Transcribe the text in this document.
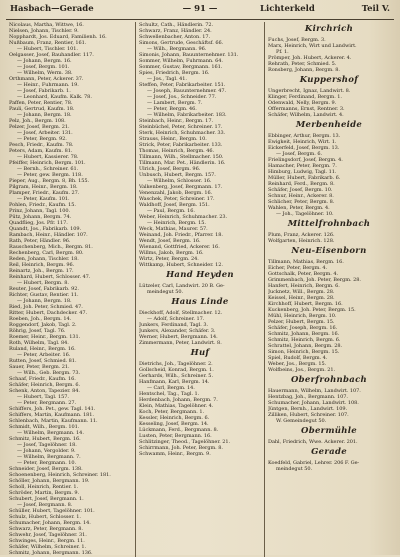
Hasbach—Gerade	— 91 —	Lichterkeld	Teil V.
Nicolaus, Martha, Wittwe, 16.
Nielsen, Johann, Tischler. 9.
Nopphardt, Jos. Eduard, Familienh. 16.
Nußbaum, Franz, Rentier, 161.
— Hubert, Tischler. 101.
Oelgasser, Josef, Bauhandler. 117.
— Johann, Bergm. 16.
— Josef, Bergm. 101.
— Wilhelm, Werm. 38.
Orthmann, Peter, Ackerer. 37.
— Heinr., Fuhrmann. 19.
— Josef, Fabrikarb. 1.
— Leonhard, Kaufm. Kalk. 78.
Paffen, Peter, Rentier, 78.
Pauli, Gertrud, Kaufm. 18.
— Johann, Bergm. 18.
Pelz, Joh., Bergm. 108.
Pelzer, Josef, Bergm. 21.
— Josef, Arbeiter. 131.
— Peter, Bergm. 92.
Pesch, Friedr., Kaufm. 78.
Peters, Adam, Kaufm. 81.
— Hubert, Kassierer. 78.
Pfeiffer, Heinrich, Bergm. 101.
— Bernh., Schreiner. 61.
— Peter, gew. Bergm. 118.
Pieper, Aug., Bergm. 8, Bh. 155.
Pilgram, Heinr., Bergm. 18.
Plamper, Friedr., Kaufm. 27.
— Peter, Kaufm. 101.
Pohlen, Friedr., Kaufm. 15.
Prinz, Johann, Tagl. 100.
Pütz, Johann, Bergm. 74.
Quadflieg, Jos. Pfr. 117.
Quandt, Jos., Fabrikarb. 109.
Rambach, Heinr., Händler. 107.
Rath, Peter, Händler. 96.
Rauschenberg, Mich., Bergm. 81.
Rechenberg, Carl, Bergm. 80.
Reden, Johann, Tischler. 18.
Reil, Heinrich, Bergm. 96.
Reinartz, Joh., Bergm. 17.
Reinhard, Hubert, Schlosser. 47.
— Hubert, Bergm. 8.
Reuter, Josef, Fabrikarb. 92.
Richter, Gustav, Rentier. 11.
— Johann, Bergm. 18.
Ried, Joh. Peter, Schmied. 47.
Ritter, Hubert, Dachdecker. 47.
Roeben, Joh., Bergm. 14.
Roggendorf, Jakob, Tagl. 2.
Röhrig, Josef, Tagl. 76.
Roemer, Heinr., Bergm. 131.
Roth, Wilhelm, Tagl. 84.
Ruland, Heinr., Bergm. 16.
— Peter, Arbeiter. 16.
Rutten, Josef, Schmied. 81.
Sauer, Peter, Bergm. 21.
— Wilh., Geb. Bergm. 73.
Schaaf, Friedr., Kaufm. 16.
Schäfer, Heinrich, Bergm. 6.
Schenk, Anton, Tapezier. 84.
— Hubert, Tagl. 157.
— Peter, Bergmann. 27.
Schiffers, Joh. Pet., gew. Tagl. 141.
Schiffers, Martin, Kaufmann. 181.
Schlenbach, Martin, Kaufmann. 11.
Schmidt, Wilh., Bergm. 101.
— Wilhelm, Bergmann. 14.
Schmitz, Hubert, Bergm. 16.
— Josef, Tagelöhner. 18.
— Johann, Vergolder. 9.
— Wilhelm, Bergmann. 7.
— Peter, Bergmann. 10.
Schneider, Josef, Bergm. 138.
Schoenenberg, Heinrich, Schreiner. 181.
Schöller, Johann, Bergmann. 19.
Scholl, Heinrich, Rentier. 1.
Schröder, Martin, Bergm. 9.
Schubert, Josef, Bergmann. 1.
— Josef, Bergmann. 8.
Schüller, Hubert, Tagelöhner. 101.
Schulz, Hubert, Schlosser. 1.
Schumacher, Johann, Bergm. 14.
Schwarz, Peter, Bergmann. 8.
Schwehr, Josef, Tagelöhner. 31.
Schwinges, Heinr., Bergm. 11.
Schäfer, Wilhelm, Schreiner. 1.
Schmitz, Johann, Bergmann. 136.
Schultz, Cath., Händlerin. 72.
Schwarz, Franz, Händler. 24.
Schwellenbacher, Anton. 17.
Simons, Gertrude, Geschäftsf. 66.
— Wilh., Bergmann. 96.
Simonis, Johann, Bauunternehmer. 131.
Sommer, Wilhelm, Fuhrmann. 64.
Sommer, Gustav, Bergmann. 161.
Spies, Friedrich, Bergm. 16.
— Jos., Tagl. 41.
Steffen, Peter, Fabrikarbeiter. 151.
— Joseph, Bauunternehmer. 47.
— Josef, Jos., Schneider. 77.
— Lambert, Bergm. 7.
— Peter, Bergm. 46.
— Wilhelm, Fabrikarbeiter. 183.
Steinbach, Heinr., Bergm. 17.
Steinbüchel, Peter, Schreiner. 17.
Sterk, Heinrich, Schuhmacher. 33.
Strauss, Heinr., Bergm. 10.
Strick, Peter, Fabrikarbeiter. 133.
Thomas, Heinrich, Bergm. 46.
Tillmann, Wilh., Stellmacher. 150.
Tillmann, Mar. Pet., Händlerin. 16.
Ulrich, Josef, Bergm. 96.
Unbusch, Hubert, Bergm. 157.
— Wilhelm, Schlosser. 16.
Valkenberg, Josef, Bergmann. 17.
Venenzahl, Jakob, Bergm. 16.
Waschek, Peter, Schreiner. 17.
Waldhoff, Josef, Bergm. 151.
— Paul, Bergm. 16.
Weber, Heinrich, Schuhmacher. 23.
— Heinrich, Bergm. 15.
Weck, Mathias, Maurer. 57.
Weinand, Joh. Friedr., Pfarrer. 18.
Wendt, Josef, Bergm. 16.
Wienand, Gottfried, Ackerer. 16.
Willms, Jakob, Bergm. 16.
Wirtz, Peter, Bergm. 24.
Wittkamp, Hubert, Schneider. 12.
Hand Heyden
Lützeler, Carl, Landwirt. 20 B. Ge-
meindegut 50.
Haus Linde
Dieckhoff, Adolf, Stellmacher. 12.
— Adolf, Schreiner. 17.
Junkers, Ferdinand, Tagl. 3.
Junkers, Alexander, Schäfer. 3.
Werner, Hubert, Bergmann. 14.
Zimmermann, Peter, Landwirt. 8.
Huf
Dietrichs, Joh., Tagelöhner. 2.
Gollscheid, Konrad, Bergm. 1.
Gerhards, Wilh., Schreiner. 5.
Hanfmann, Karl, Bergm. 14.
— Carl, Bergm. 14.
Hentschel, Tag., Tagl. 1.
Herdenbach, Johann, Bergm. 7.
Klein, Mathias, Tagelöhner. 4.
Koch, Peter, Bergmann. 1.
Kessler, Heinrich, Bergm. 6.
Kesseling, Josef, Bergm. 14.
Lückmann, Ferd., Bergmann. 8.
Lusten, Peter, Bergmann. 16.
Schlitzinger, Theod., Tagelöhner. 21.
Schirrmann, Joh. Peter, Bergm. 8.
Schwamm, Heinr., Bergm. 9.
Kirchrich
Fuchs, Josef, Bergm. 3.
Marx, Heinrich, Wirt und Landwirt.
Pf. 1.
Prömper, Joh. Hubert, Ackerer. 4.
Rehrath, Peter, Schmied. 5.
Ronsberg, Johann, Bergm. 8.
Kuppershof
Ungerbrecht, Ignaz, Landwirt. 8.
Klinger, Ferdinand, Bergm. 1.
Odenwald, Nelly, Bergm. 9.
Offermanns, Ernst, Rentner. 3.
Schäfer, Wilhelm, Landwirt. 4.
Merbenheide
Ebbinger, Arthur, Bergm. 13.
Ewigkeit, Heinrich, Wirt. 1.
Eickerfeld, Josef, Bergm. 13.
— Josef, Bergm. 6.
Frielingsdorf, Josef, Bergm. 4.
Hamacher, Peter, Bergm. 7.
Himburg, Ludwig, Tagl. 11.
Müller, Hubert, Fabrikarb. 6.
Reinhard, Ferd., Bergm. 8.
Schäfer, Josef, Bergm. 10.
Schnur, Heinr., Ackerer. 8.
Schlicher, Peter, Bergm. 8.
Wahlen, Peter, Bergm. 4.
— Joh., Tagelöhner. 10.
Mittelfrohnbach
Plum, Franz, Ackerer. 126.
Wolfgarten, Heinrich. 128.
Neu-Eisenborn
Tillmann, Mathias, Bergm. 16.
Eicher, Peter, Bergm. 4.
Gottschalk, Peter, Bergm. 4.
Grimmenbach, Joh. Peter, Bergm. 28.
Hanfert, Heinrich, Bergm. 6.
Jucknetz, Will., Bergm. 28.
Keissel, Heinr., Bergm. 28.
Kirchhoff, Hubert, Bergm. 16.
Kuckenberg, Joh. Peter, Bergm. 15.
Mühl, Heinrich, Bergm. 10.
Pelzer, Hubert, Bergm. 15.
Schäfer, Joseph, Bergm. 16.
Schmitz, Johann, Bergm. 16.
Schmitz, Heinrich, Bergm. 6.
Schrattel, Johann, Bergm. 28.
Simon, Heinrich, Bergm. 15.
Spiel, Rudolf, Bergm. 4.
Weber, Jos., Bergm. 15.
Wolfbeins, Jos., Bergm. 21.
Oberfrohnbach
Hauermann, Wilhelm, Landwirt. 107.
Hentzbag, Joh., Bergmann. 107.
Schumacher, Johann, Landwirt. 108.
Jüntgen, Bernh., Landwirt. 109.
Zilliken, Hubert, Schreiner. 107.
W. Gemeindegut 50.
Obermühle
Dahl, Friedrich, Wwe. Ackerer. 201.
Gerade
Koedfeld, Gabriel, Lehrer. 206 F. Ge-
meindegut 50.
